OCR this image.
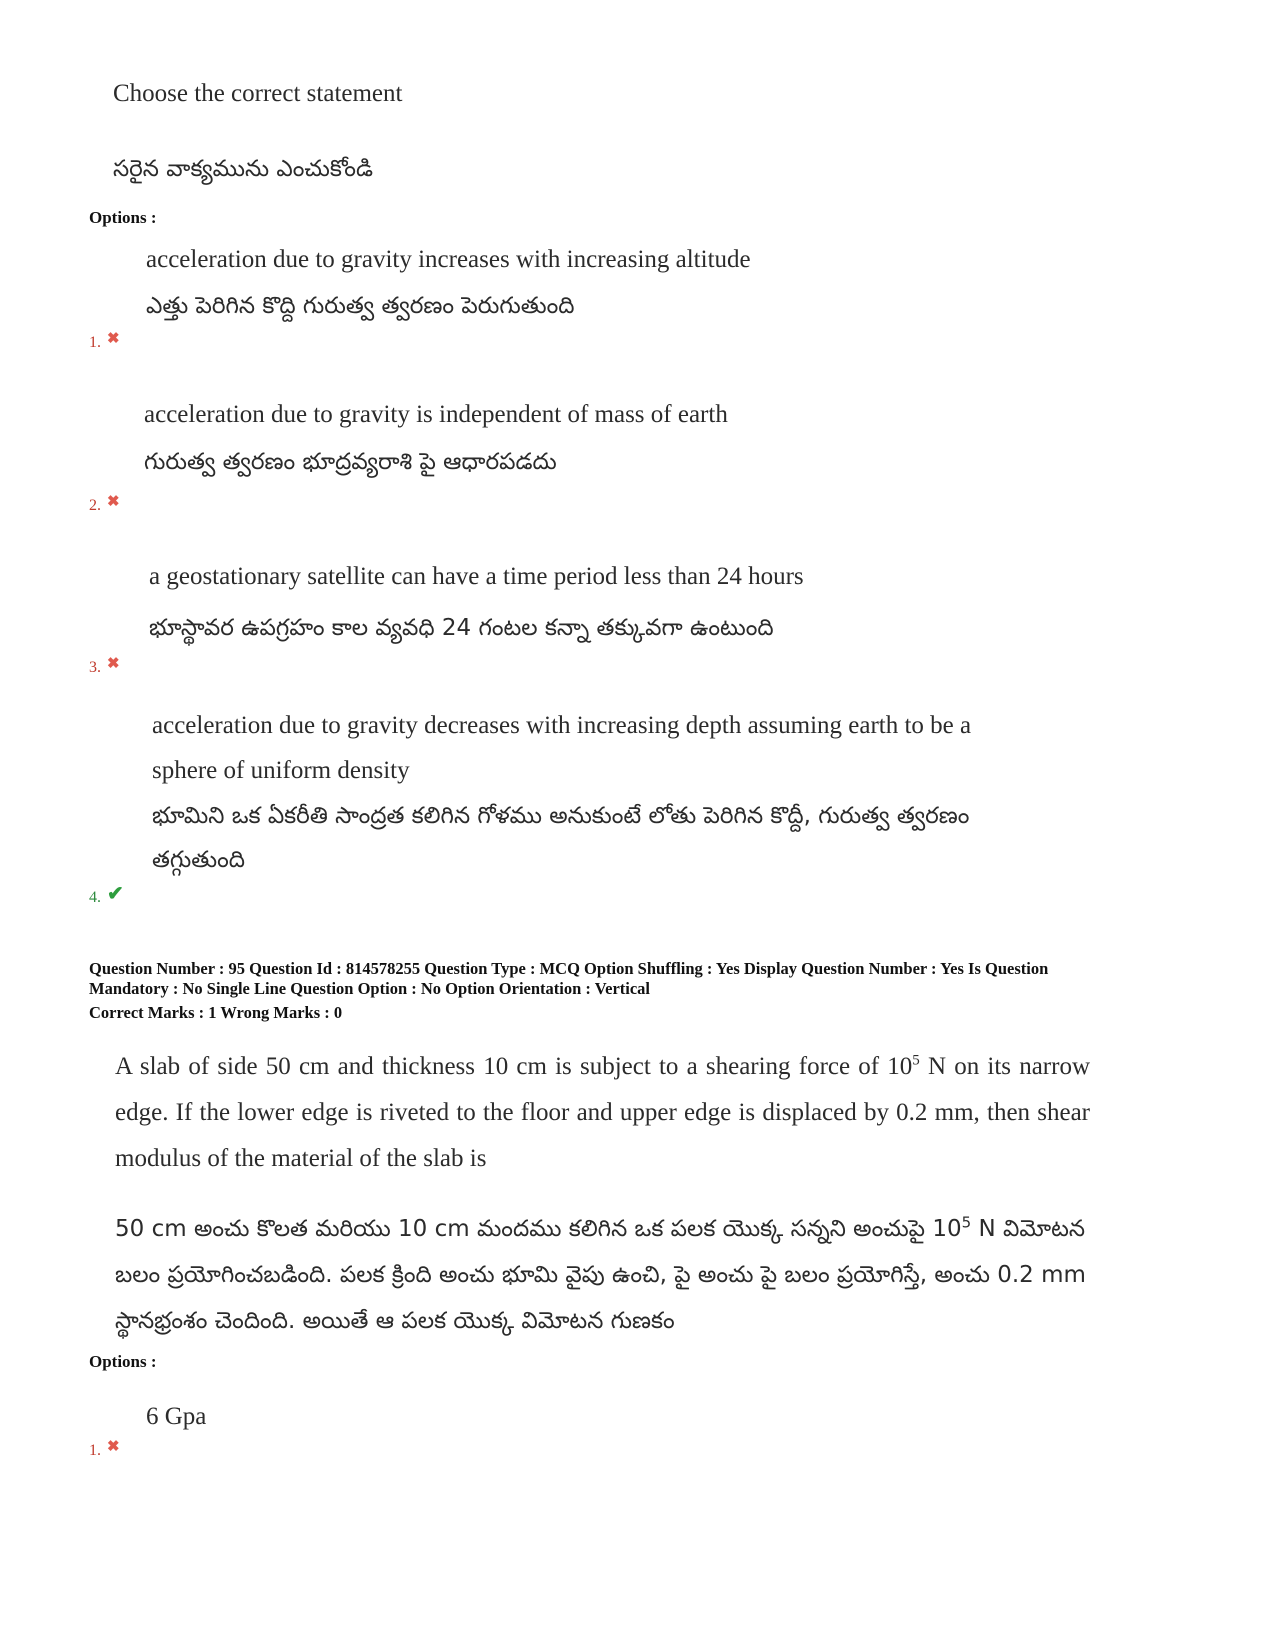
Choose the correct statement
సరైన వాక్యమును ఎంచుకోండి
Options :
acceleration due to gravity increases with increasing altitude
ఎత్తు పెరిగిన కొద్ది గురుత్వ త్వరణం పెరుగుతుంది
1. ✖
acceleration due to gravity is independent of mass of earth
గురుత్వ త్వరణం భూద్రవ్యరాశి పై ఆధారపడదు
2. ✖
a geostationary satellite can have a time period less than 24 hours
భూస్థావర ఉపగ్రహం కాల వ్యవధి 24 గంటల కన్నా తక్కువగా ఉంటుంది
3. ✖
acceleration due to gravity decreases with increasing depth assuming earth to be a
sphere of uniform density
భూమిని ఒక ఏకరీతి సాంద్రత కలిగిన గోళము అనుకుంటే లోతు పెరిగిన కొద్దీ, గురుత్వ త్వరణం
తగ్గుతుంది
4. ✔
Question Number : 95 Question Id : 814578255 Question Type : MCQ Option Shuffling : Yes Display Question Number : Yes Is Question
Mandatory : No Single Line Question Option : No Option Orientation : Vertical
Correct Marks : 1 Wrong Marks : 0
A slab of side 50 cm and thickness 10 cm is subject to a shearing force of $10^5$ N on its narrow edge. If the lower edge is riveted to the floor and upper edge is displaced by 0.2 mm, then shear modulus of the material of the slab is
50 cm అంచు కొలత మరియు 10 cm మందము కలిగిన ఒక పలక యొక్క సన్నని అంచుపై $10^5$ N విమోటన బలం ప్రయోగించబడింది. పలక క్రింది అంచు భూమి వైపు ఉంచి, పై అంచు పై బలం ప్రయోగిస్తే, అంచు 0.2 mm స్థానభ్రంశం చెందింది. అయితే ఆ పలక యొక్క విమోటన గుణకం
Options :
6 Gpa
1. ✖
